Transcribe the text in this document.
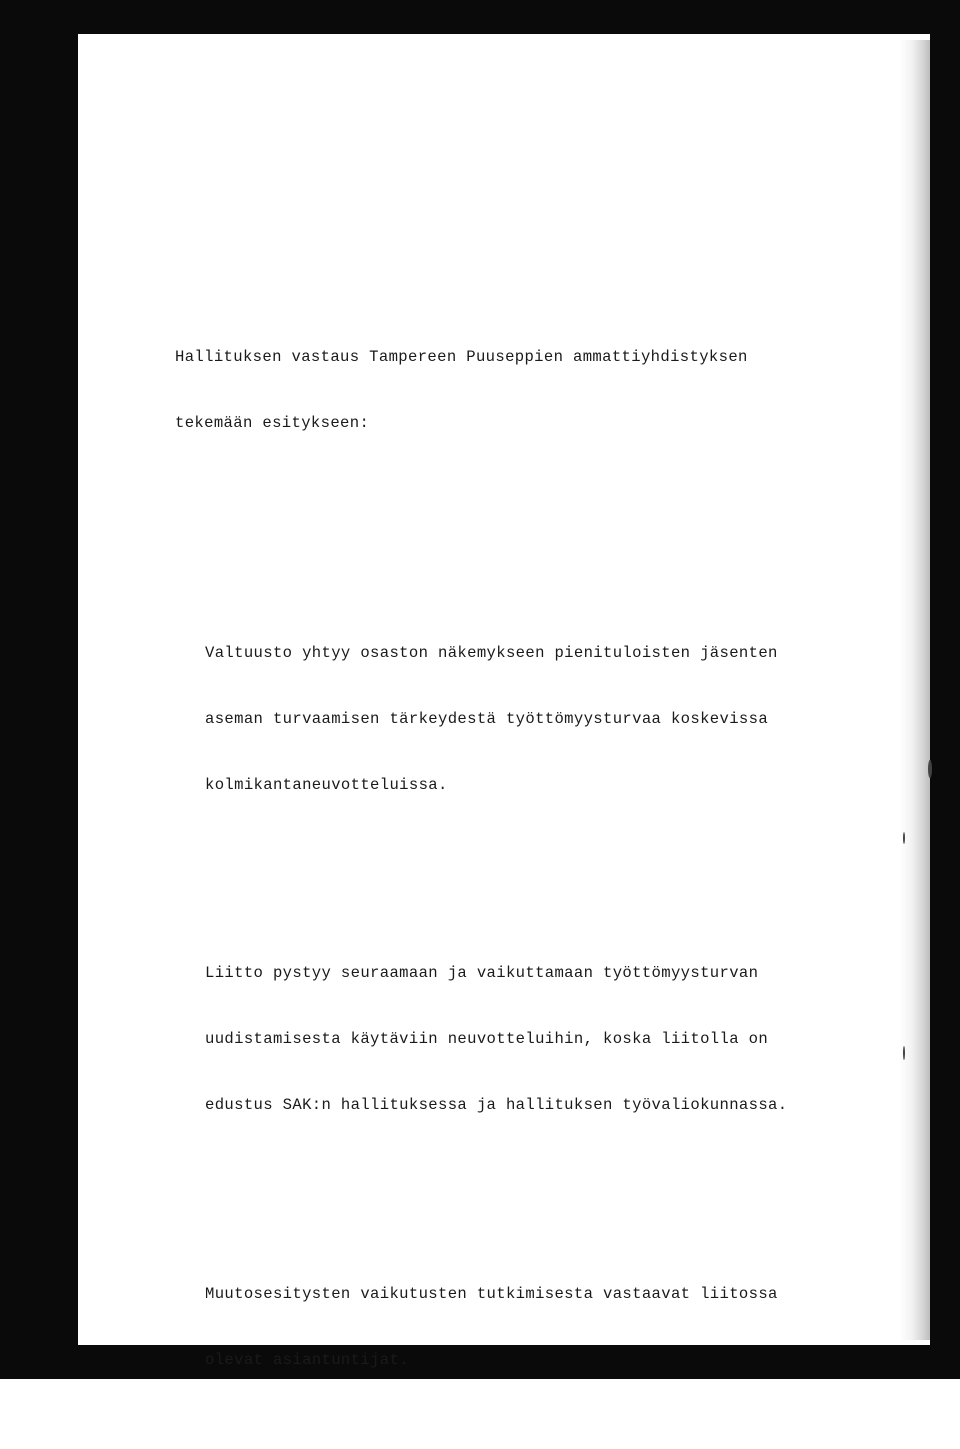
Hallituksen vastaus Tampereen Puuseppien ammattiyhdistyksen

tekemään esitykseen:

Valtuusto yhtyy osaston näkemykseen pienituloisten jäsenten

aseman turvaamisen tärkeydestä työttömyysturvaa koskevissa

kolmikantaneuvotteluissa.

Liitto pystyy seuraamaan ja vaikuttamaan työttömyysturvan

uudistamisesta käytäviin neuvotteluihin, koska liitolla on

edustus SAK:n hallituksessa ja hallituksen työvaliokunnassa.

Muutosesitysten vaikutusten tutkimisesta vastaavat liitossa

olevat asiantuntijat.
